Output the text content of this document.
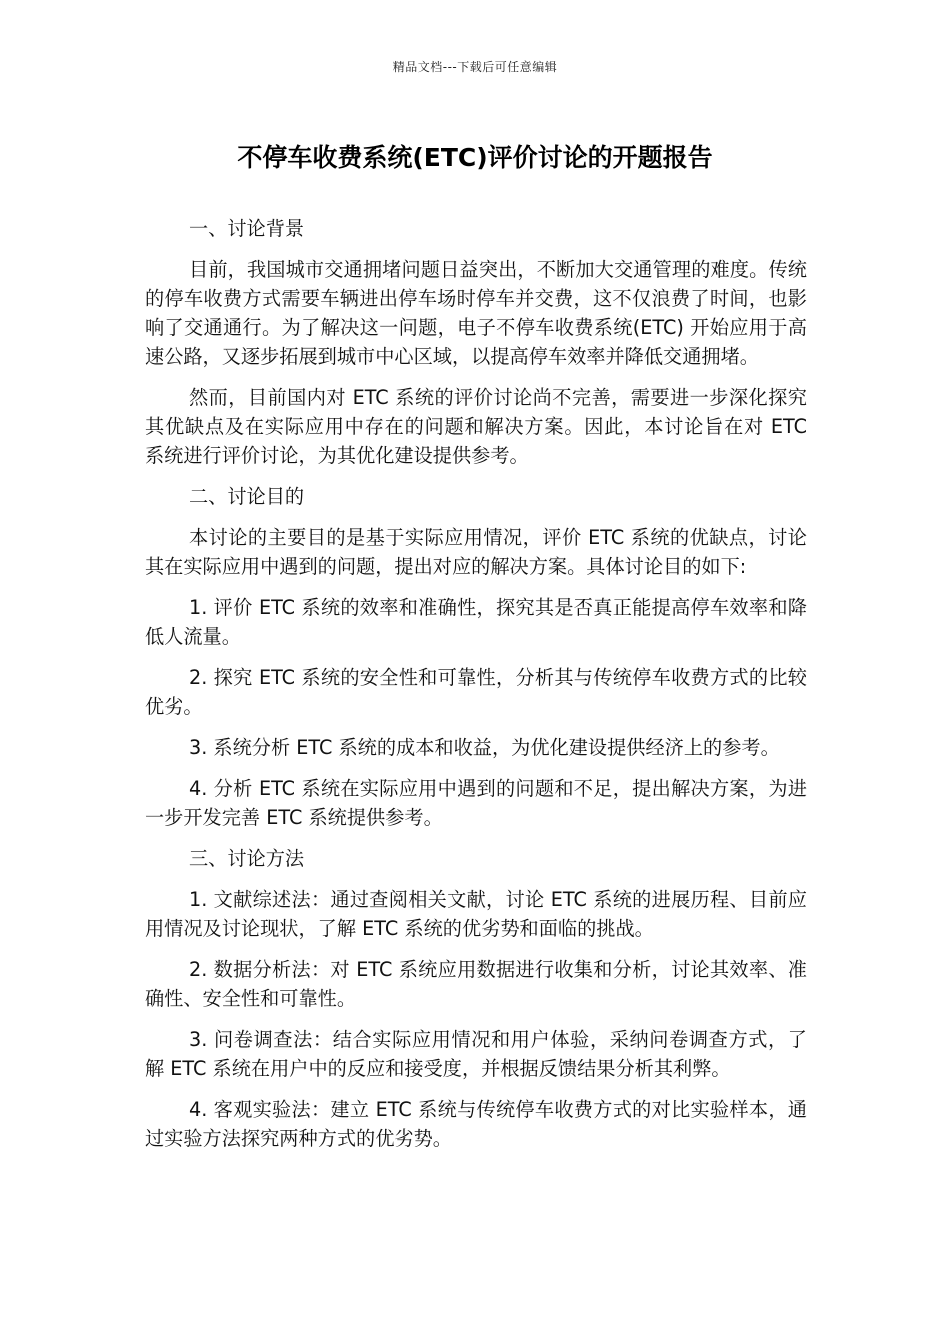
精品文档---下载后可任意编辑
不停车收费系统(ETC)评价讨论的开题报告

一、讨论背景

目前，我国城市交通拥堵问题日益突出，不断加大交通管理的难度。传统的停车收费方式需要车辆进出停车场时停车并交费，这不仅浪费了时间，也影响了交通通行。为了解决这一问题，电子不停车收费系统(ETC) 开始应用于高速公路，又逐步拓展到城市中心区域，以提高停车效率并降低交通拥堵。

然而，目前国内对 ETC 系统的评价讨论尚不完善，需要进一步深化探究其优缺点及在实际应用中存在的问题和解决方案。因此，本讨论旨在对 ETC 系统进行评价讨论，为其优化建设提供参考。

二、讨论目的

本讨论的主要目的是基于实际应用情况，评价 ETC 系统的优缺点，讨论其在实际应用中遇到的问题，提出对应的解决方案。具体讨论目的如下:

1. 评价 ETC 系统的效率和准确性，探究其是否真正能提高停车效率和降低人流量。

2. 探究 ETC 系统的安全性和可靠性，分析其与传统停车收费方式的比较优劣。

3. 系统分析 ETC 系统的成本和收益，为优化建设提供经济上的参考。

4. 分析 ETC 系统在实际应用中遇到的问题和不足，提出解决方案，为进一步开发完善 ETC 系统提供参考。

三、讨论方法

1. 文献综述法：通过查阅相关文献，讨论 ETC 系统的进展历程、目前应用情况及讨论现状，了解 ETC 系统的优劣势和面临的挑战。

2. 数据分析法：对 ETC 系统应用数据进行收集和分析，讨论其效率、准确性、安全性和可靠性。

3. 问卷调查法：结合实际应用情况和用户体验，采纳问卷调查方式，了解 ETC 系统在用户中的反应和接受度，并根据反馈结果分析其利弊。

4. 客观实验法：建立 ETC 系统与传统停车收费方式的对比实验样本，通过实验方法探究两种方式的优劣势。
